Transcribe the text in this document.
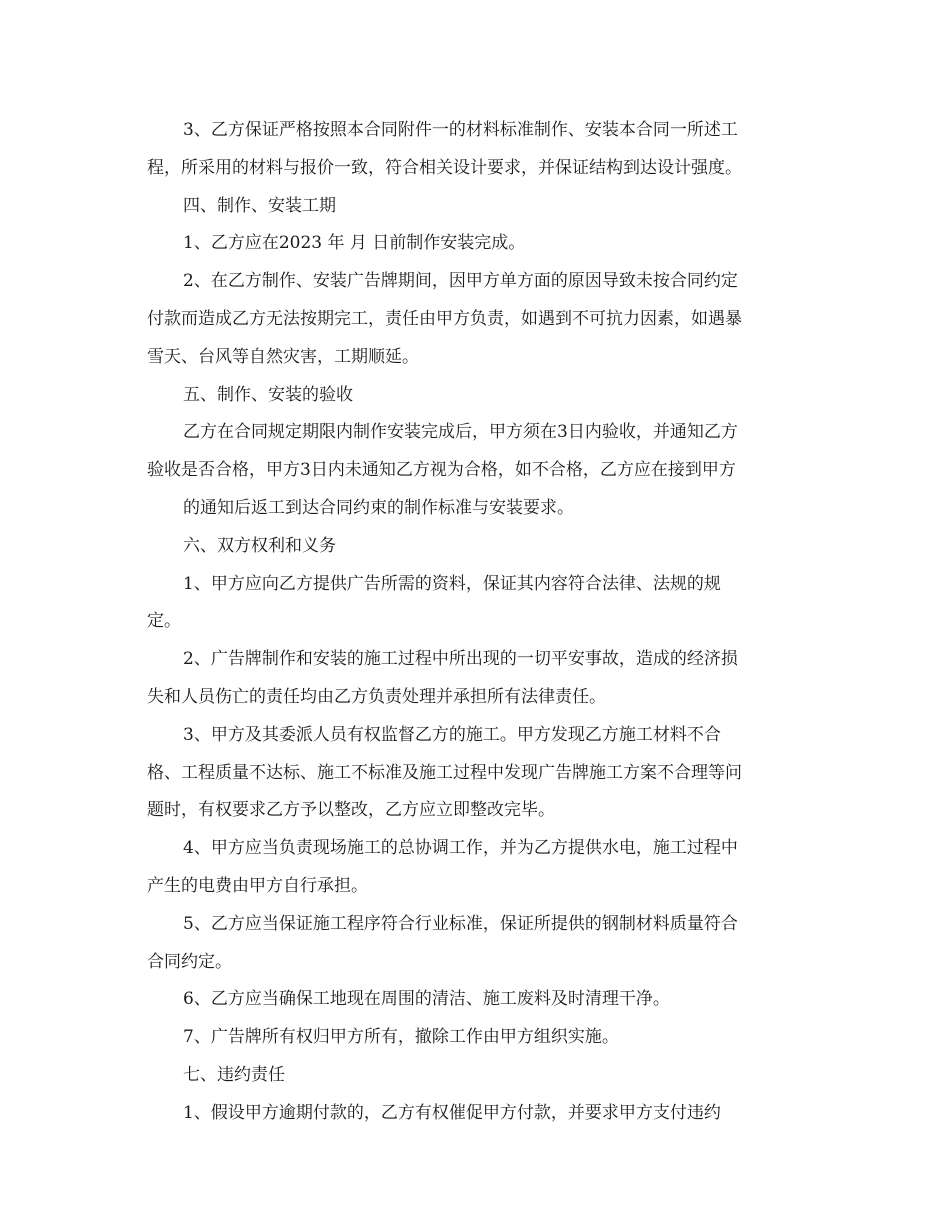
3、乙方保证严格按照本合同附件一的材料标准制作、安装本合同一所述工
程，所采用的材料与报价一致，符合相关设计要求，并保证结构到达设计强度。
四、制作、安装工期
1、乙方应在2023 年 月 日前制作安装完成。
2、在乙方制作、安装广告牌期间，因甲方单方面的原因导致未按合同约定
付款而造成乙方无法按期完工，责任由甲方负责，如遇到不可抗力因素，如遇暴
雪天、台风等自然灾害，工期顺延。
五、制作、安装的验收
乙方在合同规定期限内制作安装完成后，甲方须在3日内验收，并通知乙方
验收是否合格，甲方3日内未通知乙方视为合格，如不合格，乙方应在接到甲方
的通知后返工到达合同约束的制作标准与安装要求。
六、双方权利和义务
1、甲方应向乙方提供广告所需的资料，保证其内容符合法律、法规的规
定。
2、广告牌制作和安装的施工过程中所出现的一切平安事故，造成的经济损
失和人员伤亡的责任均由乙方负责处理并承担所有法律责任。
3、甲方及其委派人员有权监督乙方的施工。甲方发现乙方施工材料不合
格、工程质量不达标、施工不标准及施工过程中发现广告牌施工方案不合理等问
题时，有权要求乙方予以整改，乙方应立即整改完毕。
4、甲方应当负责现场施工的总协调工作，并为乙方提供水电，施工过程中
产生的电费由甲方自行承担。
5、乙方应当保证施工程序符合行业标准，保证所提供的钢制材料质量符合
合同约定。
6、乙方应当确保工地现在周围的清洁、施工废料及时清理干净。
7、广告牌所有权归甲方所有，撤除工作由甲方组织实施。
七、违约责任
1、假设甲方逾期付款的，乙方有权催促甲方付款，并要求甲方支付违约
